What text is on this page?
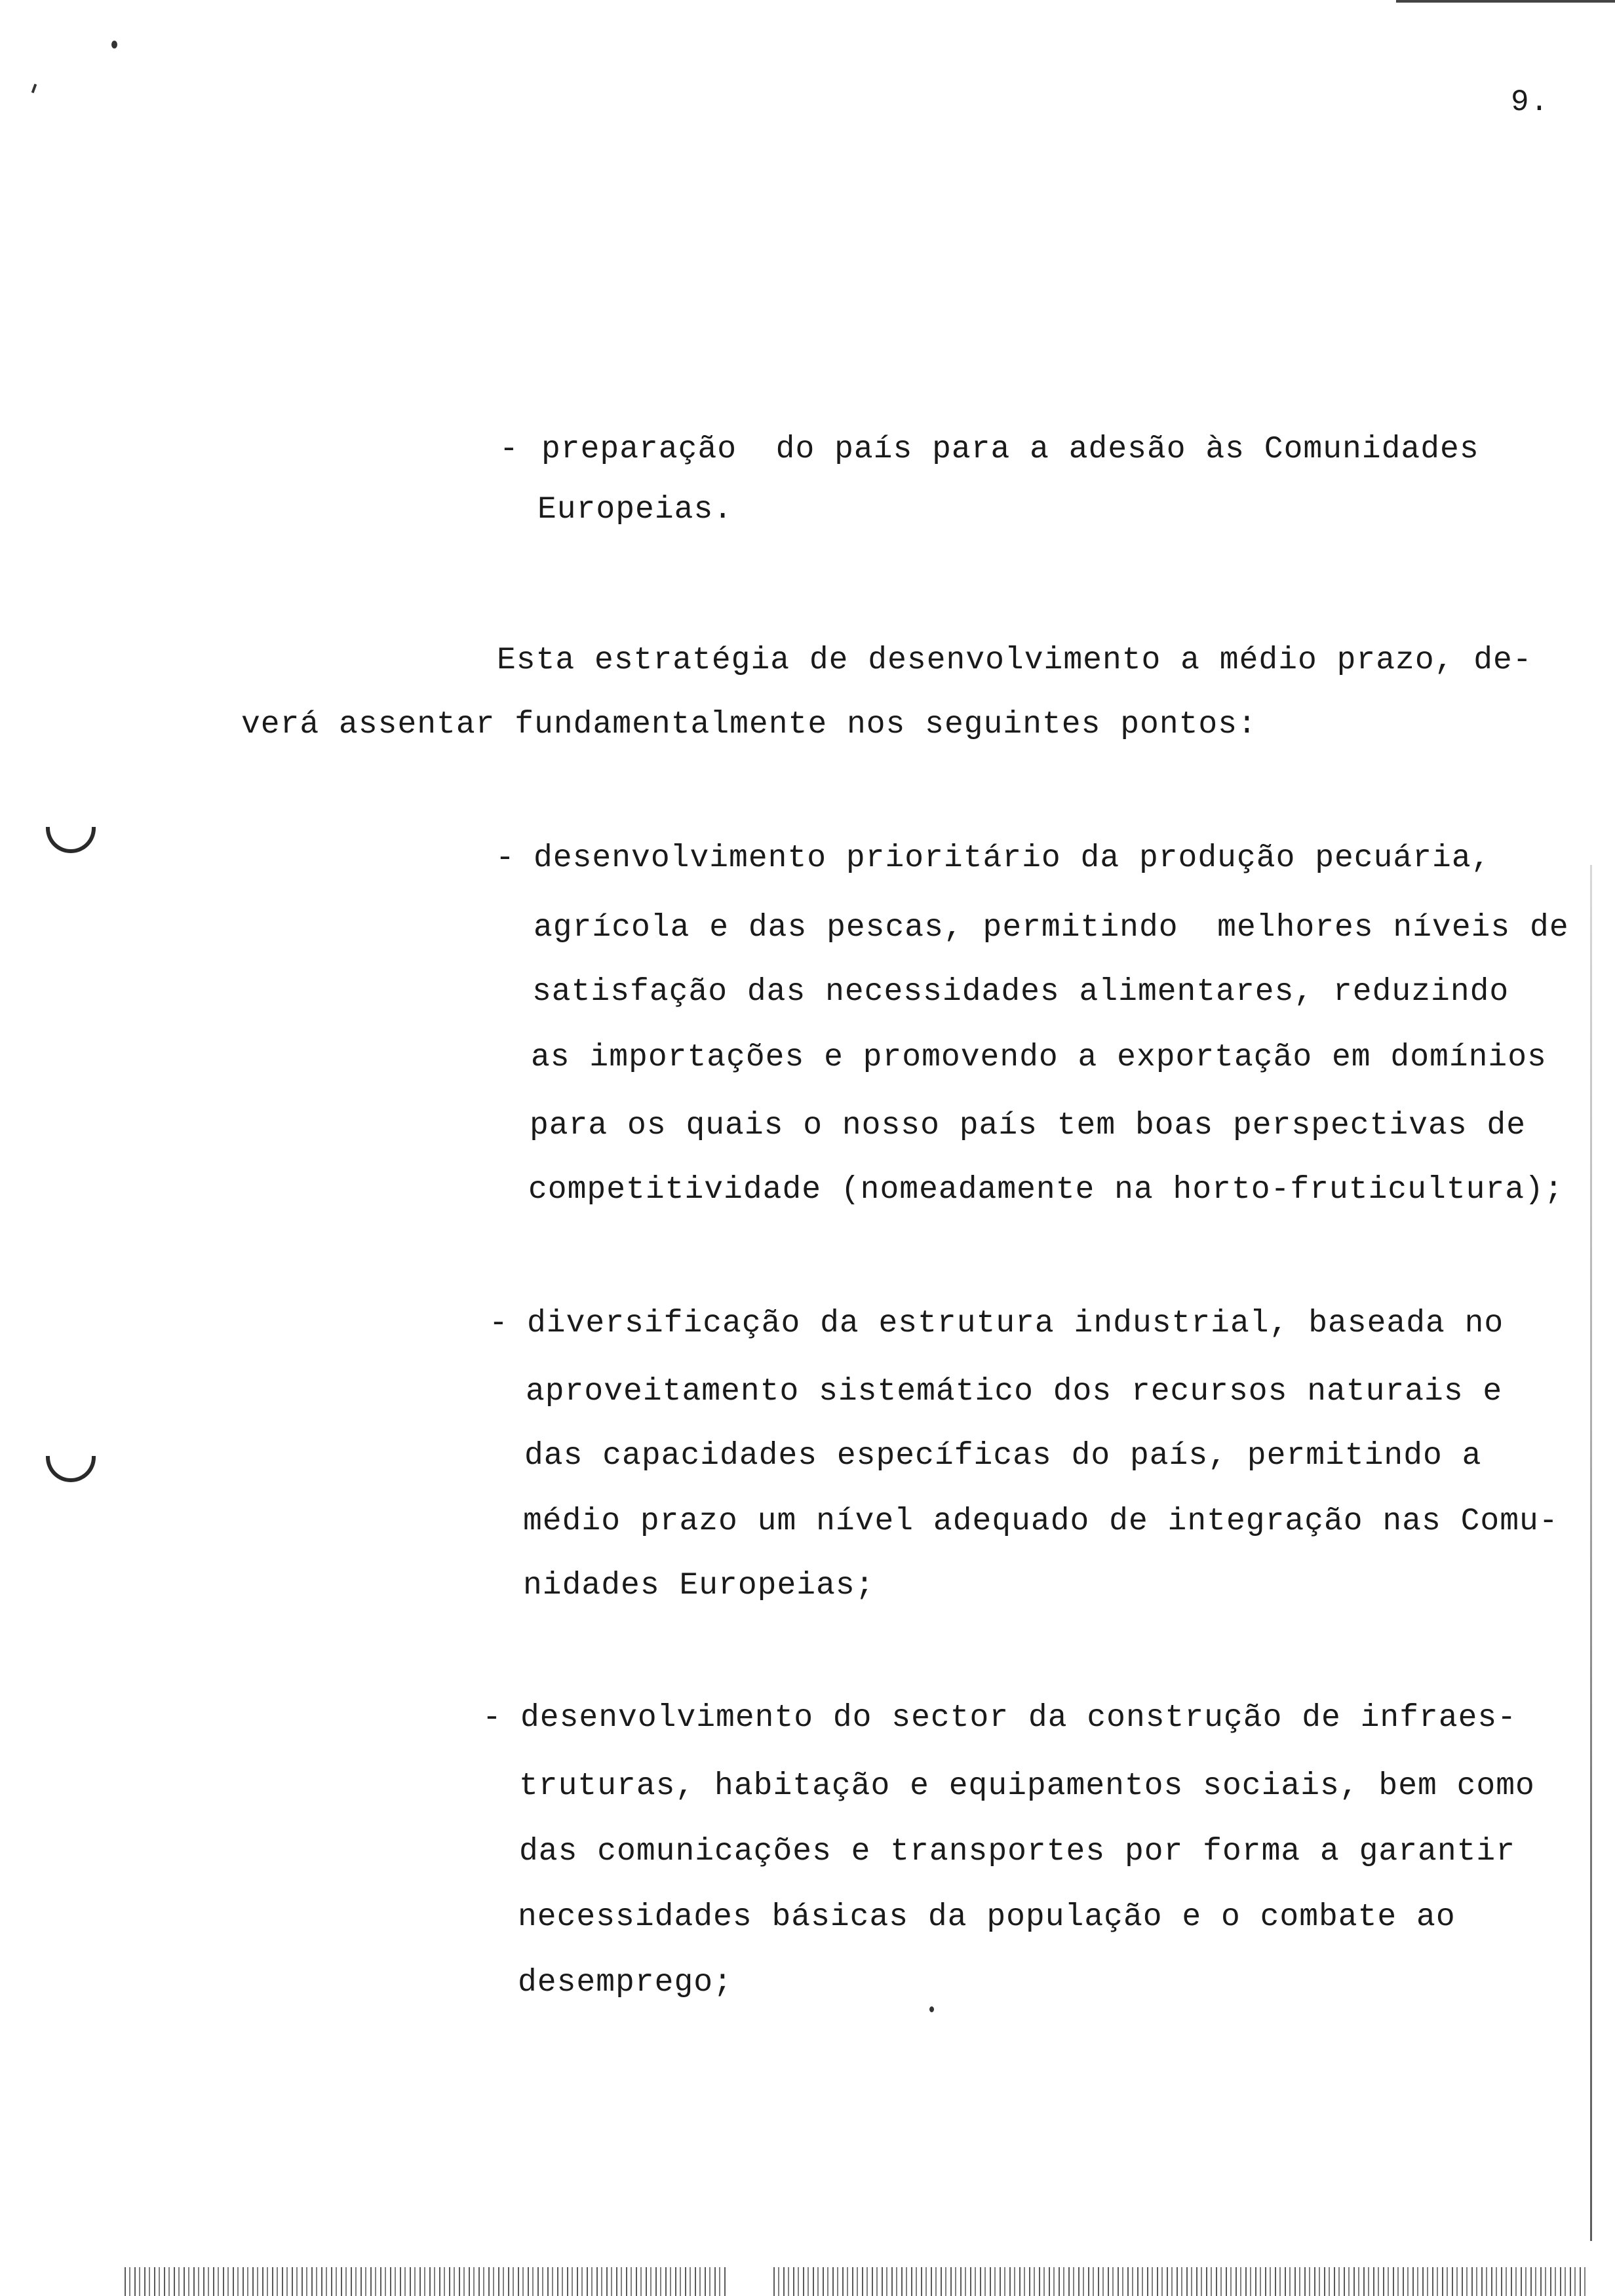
9.
- preparação  do país para a adesão às Comunidades
Europeias.
Esta estratégia de desenvolvimento a médio prazo, de-
verá assentar fundamentalmente nos seguintes pontos:
- desenvolvimento prioritário da produção pecuária,
agrícola e das pescas, permitindo  melhores níveis de
satisfação das necessidades alimentares, reduzindo
as importações e promovendo a exportação em domínios
para os quais o nosso país tem boas perspectivas de
competitividade (nomeadamente na horto-fruticultura);
- diversificação da estrutura industrial, baseada no
aproveitamento sistemático dos recursos naturais e
das capacidades específicas do país, permitindo a
médio prazo um nível adequado de integração nas Comu-
nidades Europeias;
- desenvolvimento do sector da construção de infraes-
truturas, habitação e equipamentos sociais, bem como
das comunicações e transportes por forma a garantir
necessidades básicas da população e o combate ao
desemprego;
